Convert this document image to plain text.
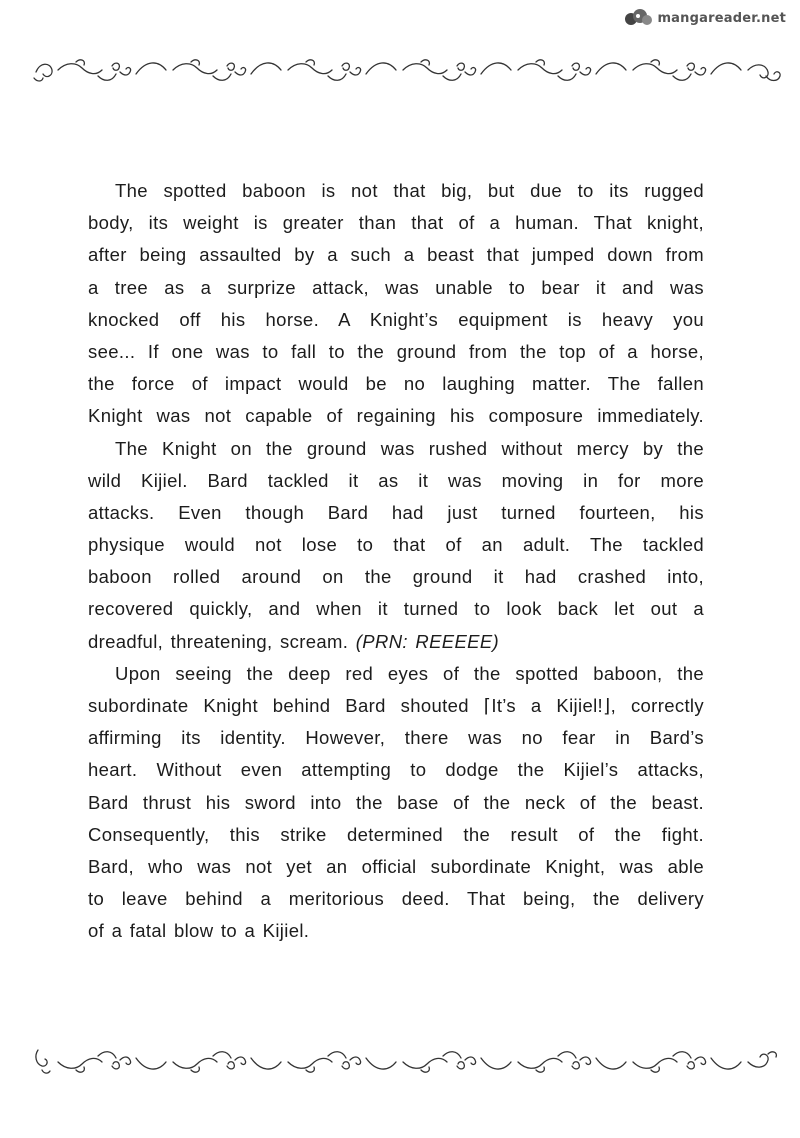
mangareader.net
The spotted baboon is not that big, but due to its rugged
body, its weight is greater than that of a human. That knight,
after being assaulted by a such a beast that jumped down from
a tree as a surprize attack, was unable to bear it and was
knocked off his horse. A Knight’s equipment is heavy you
see... If one was to fall to the ground from the top of a horse,
the force of impact would be no laughing matter. The fallen
Knight was not capable of regaining his composure immediately.
The Knight on the ground was rushed without mercy by the
wild Kijiel. Bard tackled it as it was moving in for more
attacks. Even though Bard had just turned fourteen, his
physique would not lose to that of an adult. The tackled
baboon rolled around on the ground it had crashed into,
recovered quickly, and when it turned to look back let out a
dreadful, threatening, scream. (PRN: REEEEE)
Upon seeing the deep red eyes of the spotted baboon, the
subordinate Knight behind Bard shouted ⌈It’s a Kijiel!⌋, correctly
affirming its identity. However, there was no fear in Bard’s
heart. Without even attempting to dodge the Kijiel’s attacks,
Bard thrust his sword into the base of the neck of the beast.
Consequently, this strike determined the result of the fight.
Bard, who was not yet an official subordinate Knight, was able
to leave behind a meritorious deed. That being, the delivery
of a fatal blow to a Kijiel.
